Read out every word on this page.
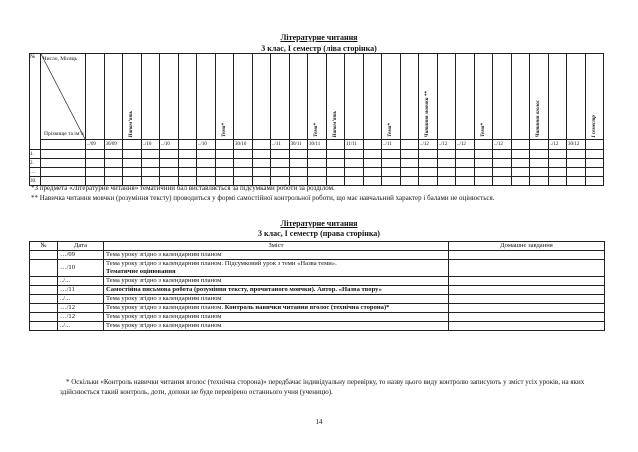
Літературне читання
3 клас, І семестр (ліва сторінка)
№	Число, Місяць
Прізвище та ім’я			Напам’ять					Тема*					Тема*	Напам’ять			Тема*		Читання мовчки **			Тема*			Читання вголос			І семестр
		../09	30/09		../10	../10		../10		30/10		../11	30/11	30/11		11/11		../11		../12	../12	../12		../12			../12	30/12	
1.																													
2.																													
…																													
30.																													
*З предмета «Літературне читання» тематичний бал виставляється за підсумками роботи за розділом.
** Навичка читання мовчки (розуміння тексту) проводиться у формі самостійної контрольної роботи, що має навчальний характер і балами не оцінюється.
Літературне читання
3 клас, І семестр (права сторінка)
№	Дата	Зміст	Домашнє завдання
	…/09	Тема уроку згідно з календарним планом	
	…/10	Тема уроку згідно з календарним планом. Підсумковий урок з теми «Назва теми».
Тематичне оцінювання	

	../...	Тема уроку згідно з календарним планом	
	…/11	Самостійна письмова робота (розуміння тексту, прочитаного мовчки). Автор. «Назва твору»	
	../...	Тема уроку згідно з календарним планом	
	…/12	Тема уроку згідно з календарним планом. Контроль навички читання вголос (технічна сторона)*	
	…/12	Тема уроку згідно з календарним планом	
	../...	Тема уроку згідно з календарним планом	
* Оскільки «Контроль навички читання вголос (технічна сторона)» передбачає індивідуальну перевірку, то назву цього виду контролю записують у зміст усіх уроків, на яких здійснюється такий контроль, доти, допоки не буде перевірено останнього учня (ученицю).
14
